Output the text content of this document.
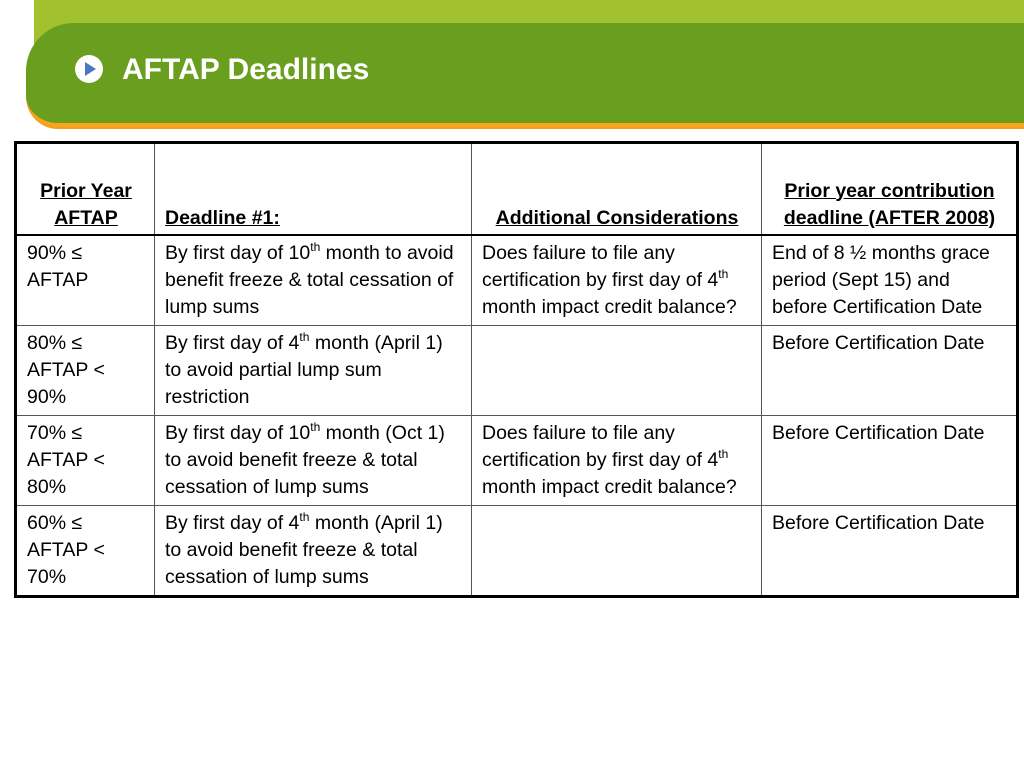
AFTAP Deadlines
Prior Year AFTAP	Deadline #1:	Additional Considerations	Prior year contribution deadline (AFTER 2008)
90% ≤ AFTAP	By first day of 10th month to avoid benefit freeze & total cessation of lump sums	Does failure to file any certification by first day of 4th month impact credit balance?	End of 8 ½ months grace period (Sept 15) and before Certification Date
80% ≤ AFTAP < 90%	By first day of 4th month (April 1) to avoid partial lump sum restriction		Before Certification Date
70% ≤ AFTAP < 80%	By first day of 10th month (Oct 1) to avoid benefit freeze & total cessation of lump sums	Does failure to file any certification by first day of 4th month impact credit balance?	Before Certification Date
60% ≤ AFTAP < 70%	By first day of 4th month (April 1) to avoid benefit freeze & total cessation of lump sums		Before Certification Date
